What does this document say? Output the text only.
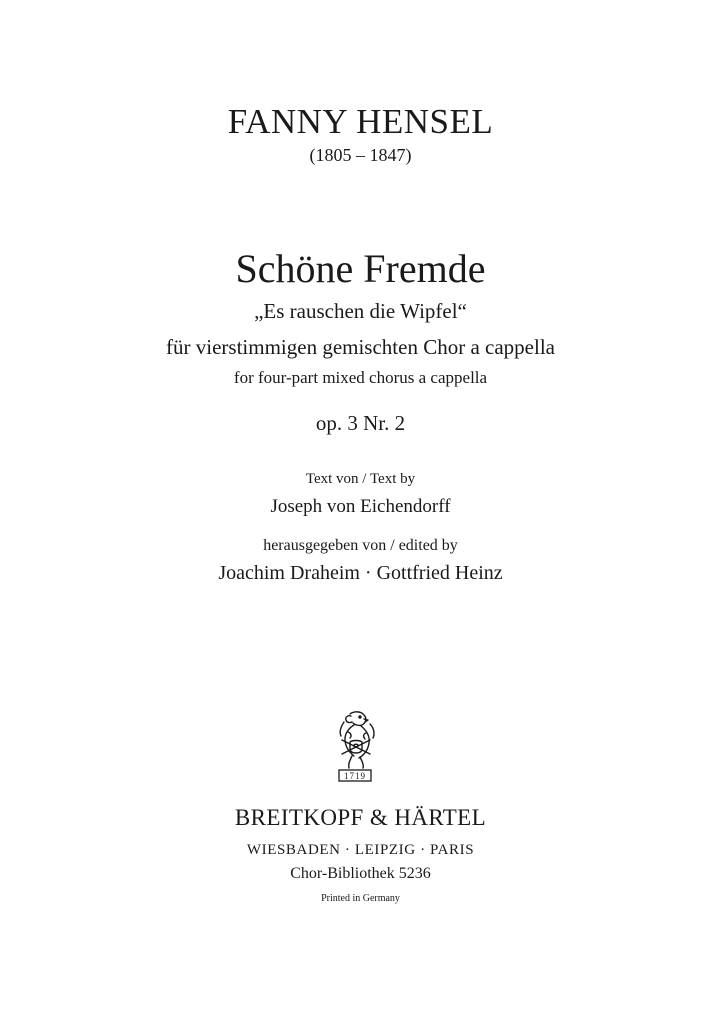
FANNY HENSEL
(1805 – 1847)
Schöne Fremde
„Es rauschen die Wipfel“
für vierstimmigen gemischten Chor a cappella
for four-part mixed chorus a cappella
op. 3 Nr. 2
Text von / Text by
Joseph von Eichendorff
herausgegeben von / edited by
Joachim Draheim · Gottfried Heinz
1719
BREITKOPF & HÄRTEL
WIESBADEN · LEIPZIG · PARIS
Chor-Bibliothek 5236
Printed in Germany
